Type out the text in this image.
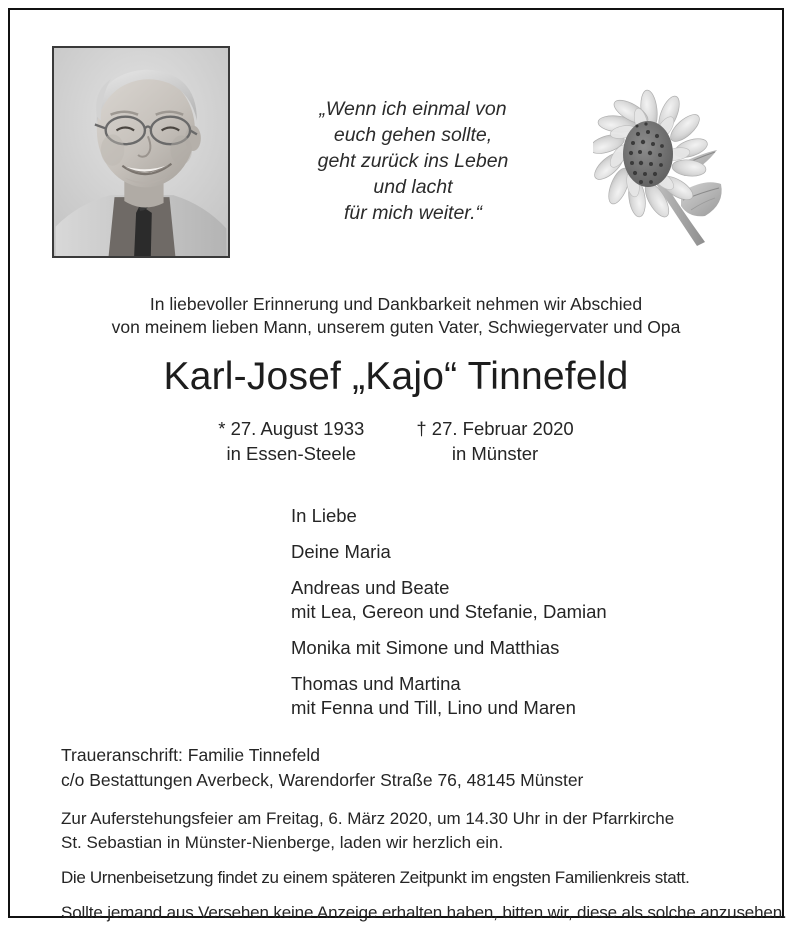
„Wenn ich einmal von
euch gehen sollte,
geht zurück ins Leben
und lacht
für mich weiter.“
In liebevoller Erinnerung und Dankbarkeit nehmen wir Abschied
von meinem lieben Mann, unserem guten Vater, Schwiegervater und Opa
Karl-Josef „Kajo“ Tinnefeld
* 27. August 1933
in Essen-Steele
† 27. Februar 2020
in Münster
In Liebe
Deine Maria
Andreas und Beate
mit Lea, Gereon und Stefanie, Damian
Monika mit Simone und Matthias
Thomas und Martina
mit Fenna und Till, Lino und Maren
Traueranschrift: Familie Tinnefeld
c/o Bestattungen Averbeck, Warendorfer Straße 76, 48145 Münster
Zur Auferstehungsfeier am Freitag, 6. März 2020, um 14.30 Uhr in der Pfarrkirche
St. Sebastian in Münster-Nienberge, laden wir herzlich ein.
Die Urnenbeisetzung findet zu einem späteren Zeitpunkt im engsten Familienkreis statt.
Sollte jemand aus Versehen keine Anzeige erhalten haben, bitten wir, diese als solche anzusehen.
